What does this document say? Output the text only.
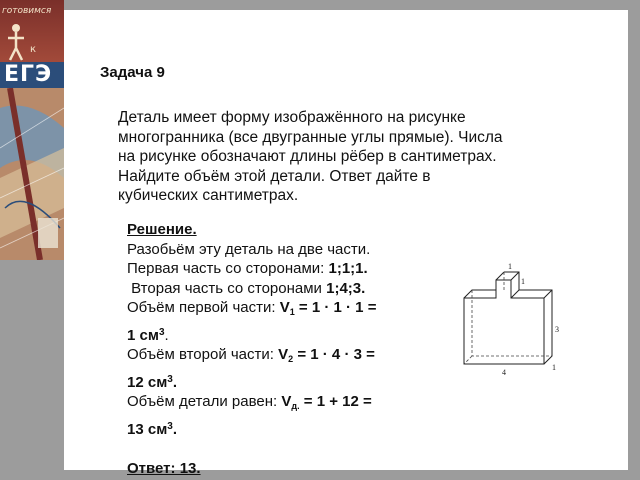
готовимся
к
ЕГЭ	Задача 9
Деталь имеет форму изображённого на рисунке
многогранника (все двугранные углы прямые). Числа
на рисунке обозначают длины рёбер в сантиметрах.
Найдите объём этой детали. Ответ дайте в
кубических сантиметрах.
Решение.
Разобьём эту деталь на две части.
Первая часть со сторонами: 1;1;1.
Вторая часть со сторонами 1;4;3.
Объём первой части: $V_1 = 1 \cdot 1 \cdot 1$ =
1 $см^3$.
Объём второй части: $V_2 = 1 \cdot 4 \cdot 3$ =
12 $см^3$.
Объём детали равен: $V_{д.} = 1 + 12$ =
13 $см^3$.

Ответ: 13.
1
1
3
1
4
